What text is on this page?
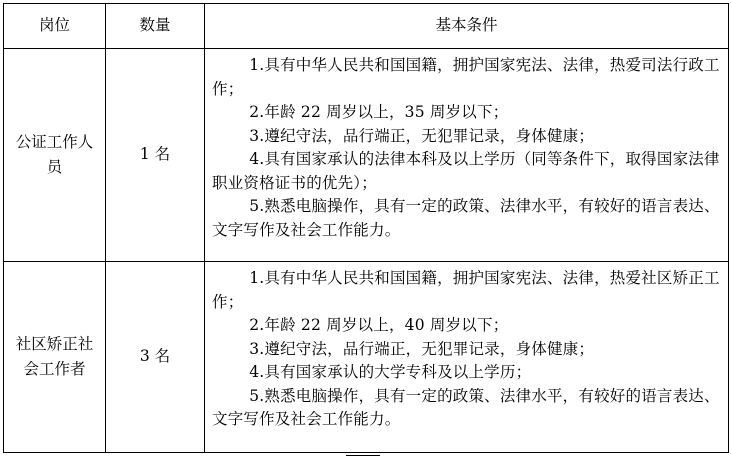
岗位	数量	基本条件
公证工作人员	1 名	1.具有中华人民共和国国籍，拥护国家宪法、法律，热爱司法行政工作；
2.年龄 22 周岁以上，35 周岁以下；
3.遵纪守法，品行端正，无犯罪记录，身体健康；
4.具有国家承认的法律本科及以上学历（同等条件下，取得国家法律职业资格证书的优先）；
5.熟悉电脑操作，具有一定的政策、法律水平，有较好的语言表达、文字写作及社会工作能力。

社区矫正社会工作者	3 名	1.具有中华人民共和国国籍，拥护国家宪法、法律，热爱社区矫正工作；
2.年龄 22 周岁以上，40 周岁以下；
3.遵纪守法，品行端正，无犯罪记录，身体健康；
4.具有国家承认的大学专科及以上学历；
5.熟悉电脑操作，具有一定的政策、法律水平，有较好的语言表达、文字写作及社会工作能力。
